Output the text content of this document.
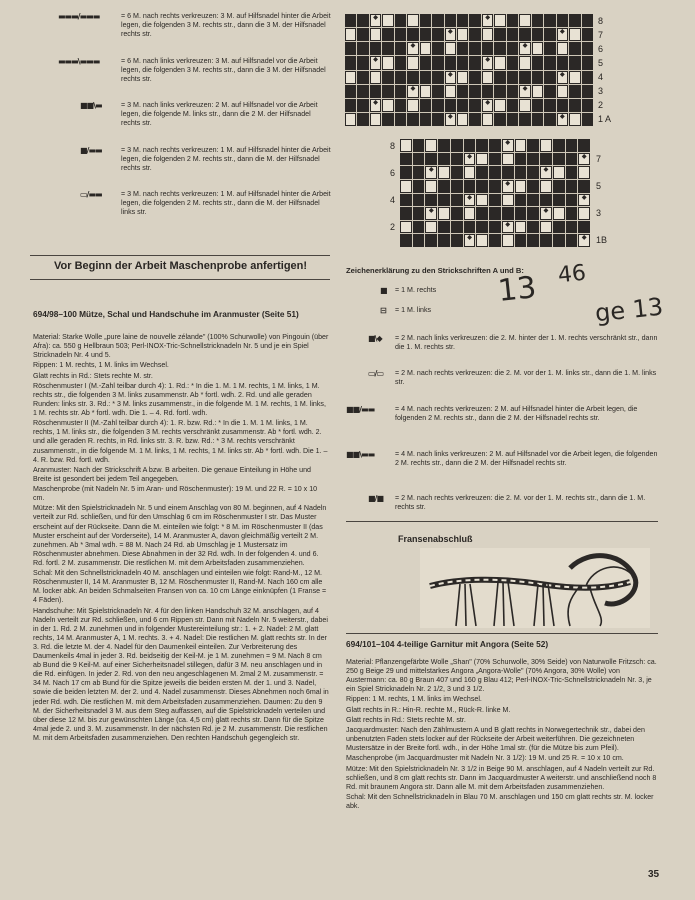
▬▬▬/▬▬▬	= 6 M. nach rechts verkreuzen: 3 M. auf Hilfsnadel hinter die Arbeit legen, die folgenden 3 M. rechts str., dann die 3 M. der Hilfsnadel rechts str.
▬▬▬\▬▬▬	= 6 M. nach links verkreuzen: 3 M. auf Hilfsnadel vor die Arbeit legen, die folgenden 3 M. rechts str., dann die 3 M. der Hilfsnadel rechts str.
■■\▬	= 3 M. nach links verkreuzen: 2 M. auf Hilfsnadel vor die Arbeit legen, die folgende M. links str., dann die 2 M. der Hilfsnadel rechts str.
■/▬▬	= 3 M. nach rechts verkreuzen: 1 M. auf Hilfsnadel hinter die Arbeit legen, die folgenden 2 M. rechts str., dann die M. der Hilfsnadel rechts str.
▭/▬▬	= 3 M. nach rechts verkreuzen: 1 M. auf Hilfsnadel hinter die Arbeit legen, die folgenden 2 M. rechts str., dann die M. der Hilfsnadel links str.
◆	◆
◆	◆
◆	◆
◆	◆
◆	◆
◆	◆
◆	◆
◆	◆
8
7
6
5
4
3
2
1 A
◆
◆	◆
◆	◆
◆
◆	◆
◆	◆
◆
◆	◆
8
6
4
2
7
5
3
1B
Vor Beginn der Arbeit Maschenprobe anfertigen!
694/98–100 Mütze, Schal und Handschuhe im Aranmuster (Seite 51)

Material: Starke Wolle „pure laine de nouvelle zélande" (100% Schurwolle) von Pingouin (über Afra): ca. 550 g Hellbraun 503; Perl-INOX-Tric-Schnellstricknadeln Nr. 5 und je ein Spiel Stricknadeln Nr. 4 und 5.

Rippen: 1 M. rechts, 1 M. links im Wechsel.

Glatt rechts in Rd.: Stets rechte M. str.

Röschenmuster I (M.-Zahl teilbar durch 4): 1. Rd.: * In die 1. M. 1 M. rechts, 1 M. links, 1 M. rechts str., die folgenden 3 M. links zusammenstr. Ab * fortl. wdh. 2. Rd. und alle geraden Runden: links str. 3. Rd.: * 3 M. links zusammenstr., in die folgende M. 1 M. rechts, 1 M. links, 1 M. rechts str. Ab * fortl. wdh. Die 1. – 4. Rd. fortl. wdh.

Röschenmuster II (M.-Zahl teilbar durch 4): 1. R. bzw. Rd.: * In die 1. M. 1 M. links, 1 M. rechts, 1 M. links str., die folgenden 3 M. rechts verschränkt zusammenstr. Ab * fortl. wdh. 2. und alle geraden R. rechts, in Rd. links str. 3. R. bzw. Rd.: * 3 M. rechts verschränkt zusammenstr., in die folgende M. 1 M. links, 1 M. rechts, 1 M. links str. Ab * fortl. wdh. Die 1. – 4. R. bzw. Rd. fortl. wdh.

Aranmuster: Nach der Strickschrift A bzw. B arbeiten. Die genaue Einteilung in Höhe und Breite ist gesondert bei jedem Teil angegeben.

Maschenprobe (mit Nadeln Nr. 5 im Aran- und Röschenmuster): 19 M. und 22 R. = 10 x 10 cm.

Mütze: Mit den Spielstricknadeln Nr. 5 und einem Anschlag von 80 M. beginnen, auf 4 Nadeln verteilt zur Rd. schließen, und für den Umschlag 6 cm im Röschenmuster I str. Das Muster erscheint auf der Rückseite. Dann die M. einteilen wie folgt: * 8 M. im Röschenmuster II (das Muster erscheint auf der Vorderseite), 14 M. Aranmuster A, davon gleichmäßig verteilt 2 M. zunehmen. Ab * 3mal wdh. = 88 M. Nach 24 Rd. ab Umschlag je 1 Mustersatz im Röschenmuster abnehmen. Diese Abnahmen in der 32 Rd. wdh. In der folgenden 4. und 6. Rd. fortl. 2 M. zusammenstr. Die restlichen M. mit dem Arbeitsfaden zusammenziehen.

Schal: Mit den Schnellstricknadeln 40 M. anschlagen und einteilen wie folgt: Rand-M., 12 M. Röschenmuster II, 14 M. Aranmuster B, 12 M. Röschenmuster II, Rand-M. Nach 160 cm alle M. locker abk. An beiden Schmalseiten Fransen von ca. 10 cm Länge einknüpfen (1 Franse = 4 Fäden).

Handschuhe: Mit Spielstricknadeln Nr. 4 für den linken Handschuh 32 M. anschlagen, auf 4 Nadeln verteilt zur Rd. schließen, und 6 cm Rippen str. Dann mit Nadeln Nr. 5 weiterstr., dabei in der 1. Rd. 2 M. zunehmen und in folgender Mustereinteilung str.: 1. + 2. Nadel: 2 M. glatt rechts, 14 M. Aranmuster A, 1 M. rechts. 3. + 4. Nadel: Die restlichen M. glatt rechts str. In der 3. Rd. die letzte M. der 4. Nadel für den Daumenkeil einteilen. Zur Verbreiterung des Daumenkeils 4mal in jeder 3. Rd. beidseitig der Keil-M. je 1 M. zunehmen = 9 M. Nach 8 cm ab Bund die 9 Keil-M. auf einer Sicherheitsnadel stillegen, dafür 3 M. neu anschlagen und in die Rd. einfügen. In jeder 2. Rd. von den neu angeschlagenen M. 2mal 2 M. zusammenstr. = 34 M. Nach 17 cm ab Bund für die Spitze jeweils die beiden ersten M. der 1. und 3. Nadel, sowie die beiden letzten M. der 2. und 4. Nadel zusammenstr. Dieses Abnehmen noch 6mal in jeder Rd. wdh. Die restlichen M. mit dem Arbeitsfaden zusammenziehen. Daumen: Zu den 9 M. der Sicherheitsnadel 3 M. aus dem Steg auffassen, auf die Spielstricknadeln verteilen und über diese 12 M. bis zur gewünschten Länge (ca. 4,5 cm) glatt rechts str. Dann für die Spitze 4mal jede 2. und 3. M. zusammenstr. In der nächsten Rd. je 2 M. zusammenstr. Die restlichen M. mit dem Arbeitsfaden zusammenziehen. Den rechten Handschuh gegengleich str.

Zeichenerklärung zu den Strickschriften A und B:
■ = 1 M. rechts
⊟ = 1 M. links
■\◆ = 2 M. nach links verkreuzen: die 2. M. hinter der 1. M. rechts verschränkt str., dann die 1. M. rechts str.
▭/▭ = 2 M. nach rechts verkreuzen: die 2. M. vor der 1. M. links str., dann die 1. M. links str.
■■/▬▬	= 4 M. nach rechts verkreuzen: 2 M. auf Hilfsnadel hinter die Arbeit legen, die folgenden 2 M. rechts str., dann die 2 M. der Hilfsnadel rechts str.
■■\▬▬	= 4 M. nach links verkreuzen: 2 M. auf Hilfsnadel vor die Arbeit legen, die folgenden 2 M. rechts str., dann die 2 M. der Hilfsnadel rechts str.
■/■ = 2 M. nach rechts verkreuzen: die 2. M. vor der 1. M. rechts str., dann die 1. M. rechts str.
13 46
ge 13
Fransenabschluß
694/101–104 4-teilige Garnitur mit Angora (Seite 52)

Material: Pflanzengefärbte Wolle „Shan" (70% Schurwolle, 30% Seide) von Naturwolle Fritzsch: ca. 250 g Beige 29 und mittelstarkes Angora „Angora-Wolle" (70% Angora, 30% Wolle) von Austermann: ca. 80 g Braun 407 und 160 g Blau 412; Perl-INOX-Tric-Schnellstricknadeln Nr. 3, je ein Spiel Stricknadeln Nr. 2 1/2, 3 und 3 1/2.

Rippen: 1 M. rechts, 1 M. links im Wechsel.

Glatt rechts in R.: Hin-R. rechte M., Rück-R. linke M.

Glatt rechts in Rd.: Stets rechte M. str.

Jacquardmuster: Nach den Zählmustern A und B glatt rechts in Norwegertechnik str., dabei den unbenutzten Faden stets locker auf der Rückseite der Arbeit weiterführen. Die gezeichneten Mustersätze in der Breite fortl. wdh., in der Höhe 1mal str. (für die Mütze bis zum Pfeil).

Maschenprobe (im Jacquardmuster mit Nadeln Nr. 3 1/2): 19 M. und 25 R. = 10 x 10 cm.

Mütze: Mit den Spielstricknadeln Nr. 3 1/2 in Beige 90 M. anschlagen, auf 4 Nadeln verteilt zur Rd. schließen, und 8 cm glatt rechts str. Dann im Jacquardmuster A weiterstr. und anschließend noch 8 Rd. mit braunem Angora str. Dann alle M. mit dem Arbeitsfaden zusammenziehen.

Schal: Mit den Schnellstricknadeln in Blau 70 M. anschlagen und 150 cm glatt rechts str. M. locker abk.

35
